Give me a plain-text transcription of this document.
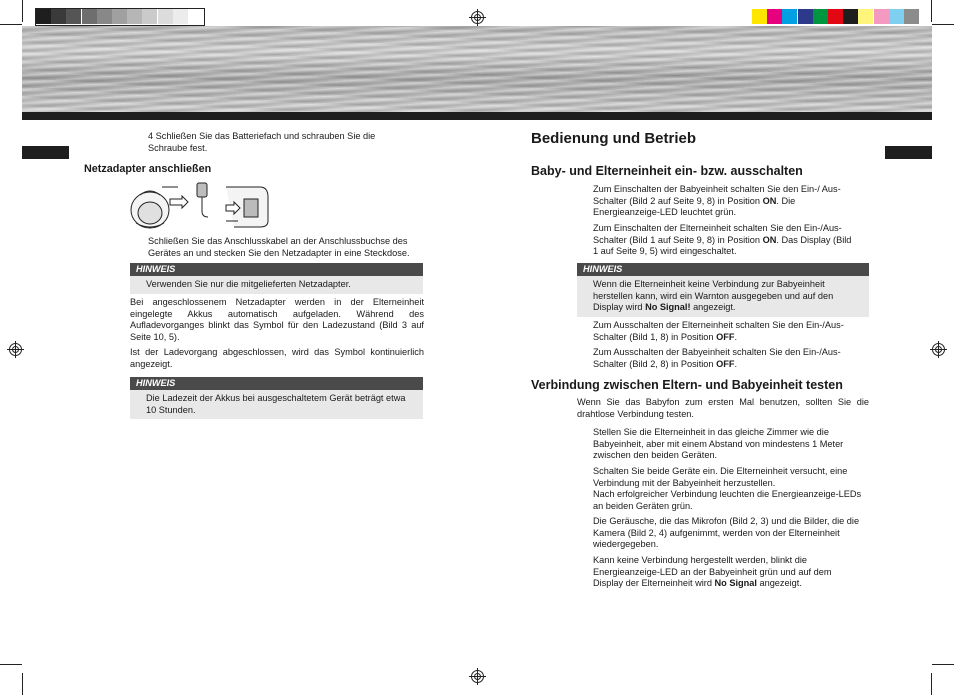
4 Schließen Sie das Batteriefach und schrauben Sie die Schraube fest.
Netzadapter anschließen
Schließen Sie das Anschlusskabel an der Anschlussbuchse des Gerätes an und stecken Sie den Netzadapter in eine Steckdose.
HINWEIS
Verwenden Sie nur die mitgelieferten Netzadapter.
Bei angeschlossenem Netzadapter werden in der Elterneinheit eingelegte Akkus automatisch aufgeladen. Während des Aufladevorganges blinkt das Symbol für den Ladezustand (Bild 3 auf Seite 10, 5).
Ist der Ladevorgang abgeschlossen, wird das Symbol kontinuierlich angezeigt.
HINWEIS
Die Ladezeit der Akkus bei ausgeschaltetem Gerät beträgt etwa 10 Stunden.
Bedienung und Betrieb
Baby- und Elterneinheit ein- bzw. ausschalten

Zum Einschalten der Babyeinheit schalten Sie den Ein-/ Aus-Schalter (Bild 2 auf Seite 9, 8) in Position ON. Die Energieanzeige-LED leuchtet grün.

Zum Einschalten der Elterneinheit schalten Sie den Ein-/Aus-Schalter (Bild 1 auf Seite 9, 8) in Position ON. Das Display (Bild 1 auf Seite 9, 5) wird eingeschaltet.

HINWEIS

Wenn die Elterneinheit keine Verbindung zur Babyeinheit herstellen kann, wird ein Warnton ausgegeben und auf den Display wird No Signal! angezeigt.

Zum Ausschalten der Elterneinheit schalten Sie den Ein-/Aus-Schalter (Bild 1, 8) in Position OFF.

Zum Ausschalten der Babyeinheit schalten Sie den Ein-/Aus-Schalter (Bild 2, 8) in Position OFF.

Verbindung zwischen Eltern- und Babyeinheit testen
Wenn Sie das Babyfon zum ersten Mal benutzen, sollten Sie die drahtlose Verbindung testen.
Stellen Sie die Elterneinheit in das gleiche Zimmer wie die Babyeinheit, aber mit einem Abstand von mindestens 1 Meter zwischen den beiden Geräten.
Schalten Sie beide Geräte ein. Die Elterneinheit versucht, eine Verbindung mit der Babyeinheit herzustellen.
Nach erfolgreicher Verbindung leuchten die Energieanzeige-LEDs an beiden Geräten grün.
Die Geräusche, die das Mikrofon (Bild 2, 3) und die Bilder, die die Kamera (Bild 2, 4) aufgenimmt, werden von der Elterneinheit wiedergegeben.

Kann keine Verbindung hergestellt werden, blinkt die Energieanzeige-LED an der Babyeinheit grün und auf dem Display der Elterneinheit wird No Signal angezeigt.
